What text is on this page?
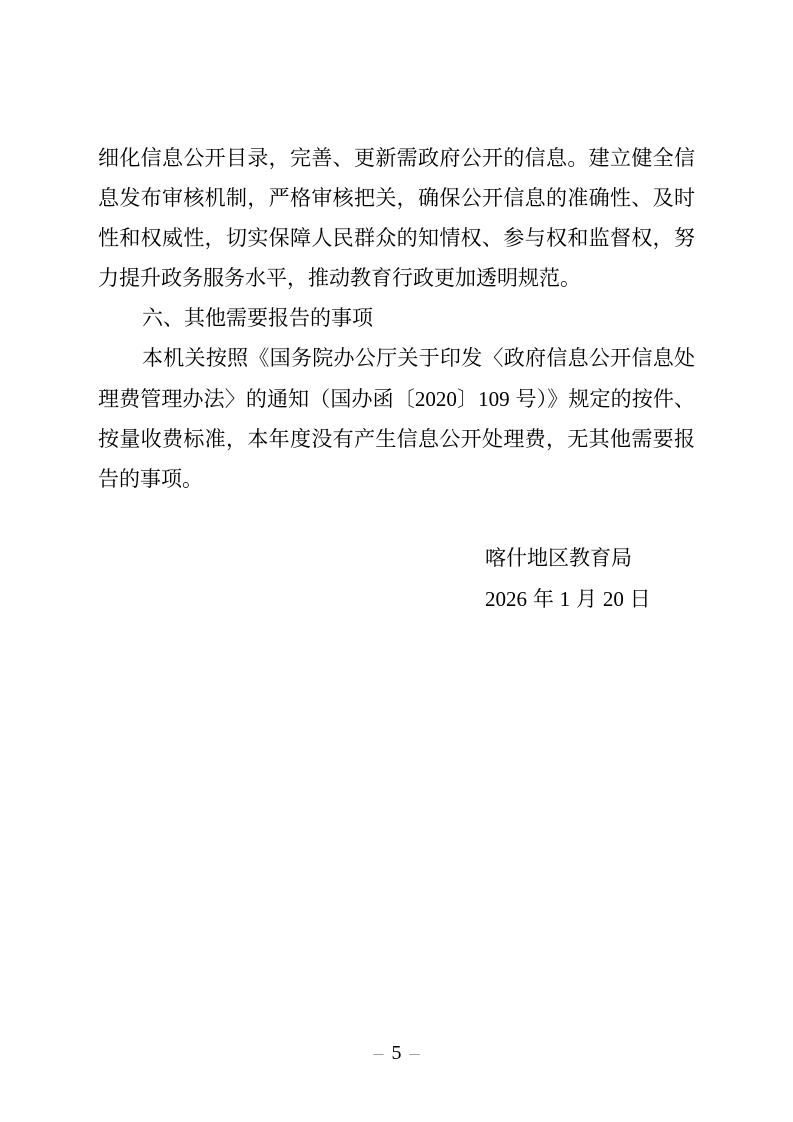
细化信息公开目录，完善、更新需政府公开的信息。建立健全信
息发布审核机制，严格审核把关，确保公开信息的准确性、及时
性和权威性，切实保障人民群众的知情权、参与权和监督权，努
力提升政务服务水平，推动教育行政更加透明规范。
六、其他需要报告的事项
本机关按照《国务院办公厅关于印发〈政府信息公开信息处
理费管理办法〉的通知（国办函〔2020〕109 号）》规定的按件、
按量收费标准，本年度没有产生信息公开处理费，无其他需要报
告的事项。
喀什地区教育局
2026 年 1 月 20 日
– 5 –
